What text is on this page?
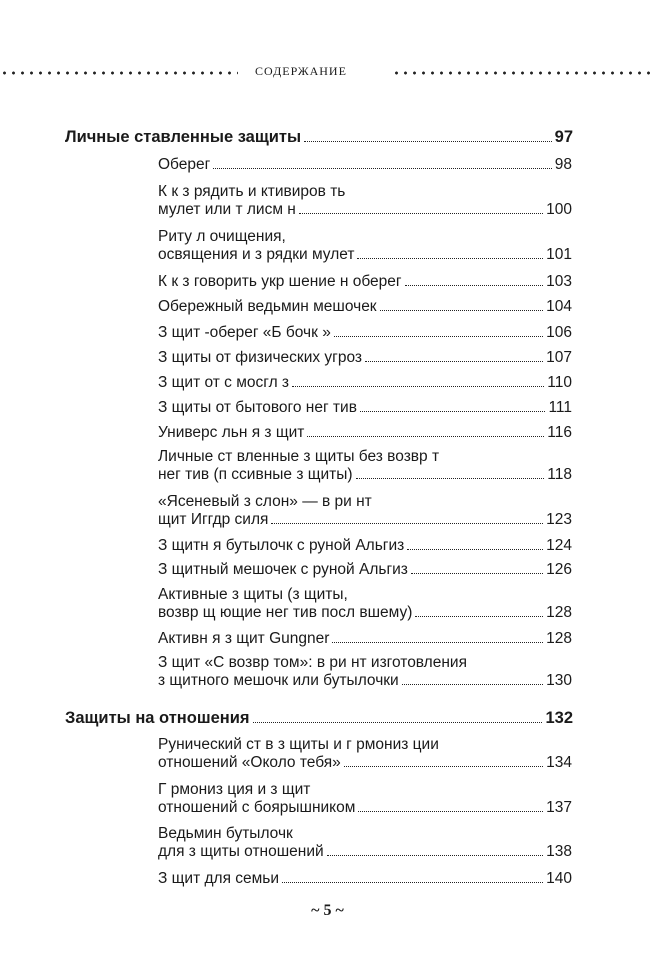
СОДЕРЖАНИЕ
Личные ставленные защиты	97
Оберег	98
К к з рядить и ктивиров ть
мулет или т лисм н	100
Риту л очищения,
освящения и з рядки мулет	101
К к з говорить укр шение н оберег	103
Обережный ведьмин мешочек	104
З щит -оберег «Б бочк »	106
З щиты от физических угроз	107
З щит от с мосгл з	110
З щиты от бытового нег тив	111
Универс льн я з щит	116
Личные ст вленные з щиты без возвр т
нег тив (п ссивные з щиты)	118
«Ясеневый з слон» — в ри нт
щит Иггдр силя	123
З щитн я бутылочк с руной Альгиз	124
З щитный мешочек с руной Альгиз	126
Активные з щиты (з щиты,
возвр щ ющие нег тив посл вшему)	128
Активн я з щит Gungner	128
З щит «С возвр том»: в ри нт изготовления
з щитного мешочк или бутылочки	130
Защиты на отношения	132
Рунический ст в з щиты и г рмониз ции
отношений «Около тебя»	134
Г рмониз ция и з щит
отношений с боярышником	137
Ведьмин бутылочк
для з щиты отношений	138
З щит для семьи	140
~ 5 ~
